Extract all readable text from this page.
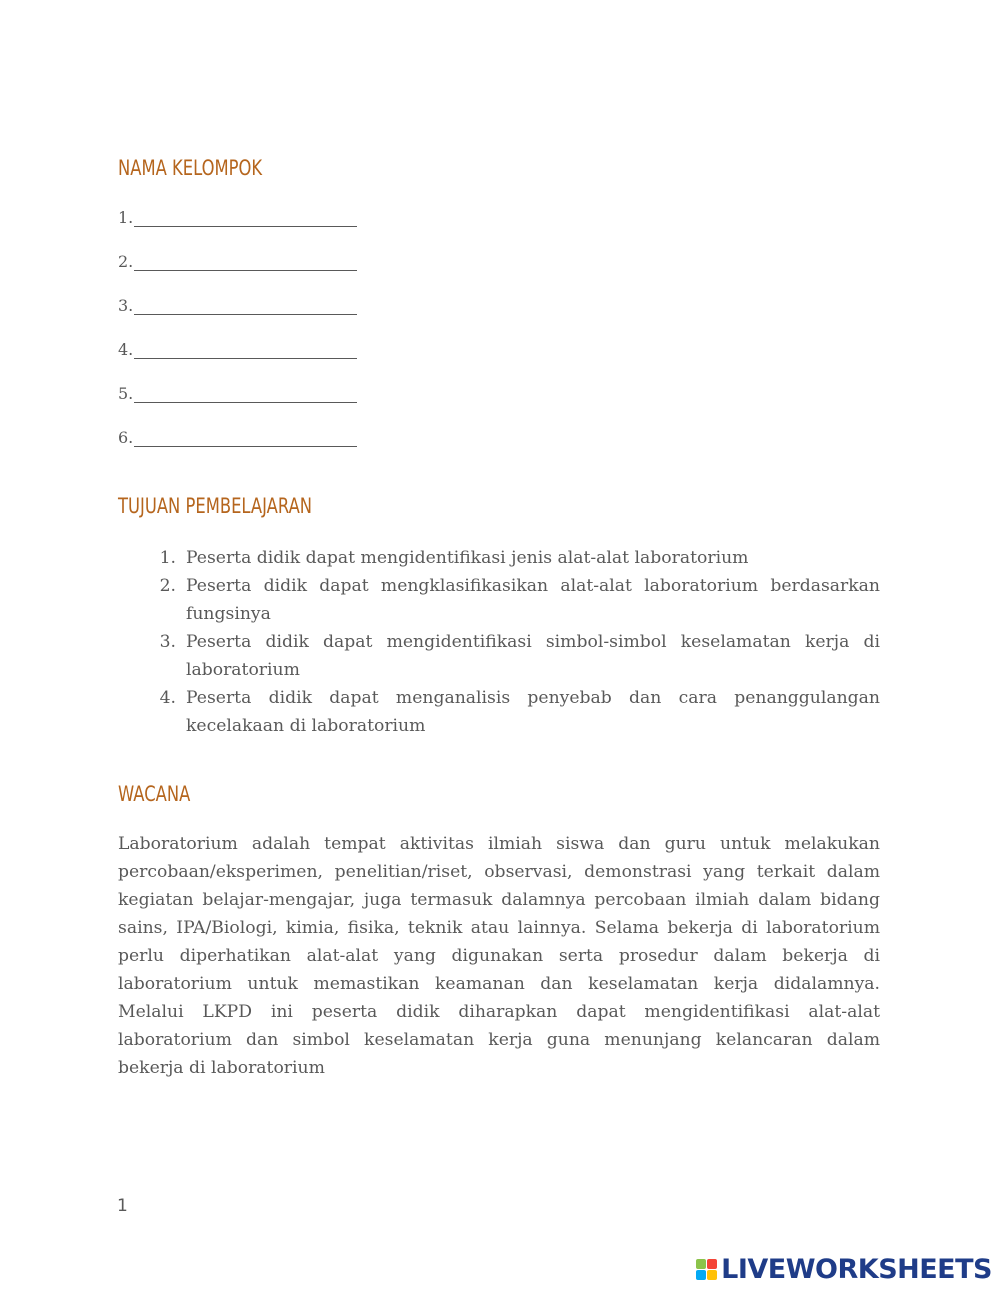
NAMA KELOMPOK
1.
2.
3.
4.
5.
6.
TUJUAN PEMBELAJARAN
1. Peserta didik dapat mengidentifikasi jenis alat-alat laboratorium
2. Peserta didik dapat mengklasifikasikan alat-alat laboratorium berdasarkan fungsinya
3. Peserta didik dapat mengidentifikasi simbol-simbol keselamatan kerja di laboratorium
4. Peserta didik dapat menganalisis penyebab dan cara penanggulangan kecelakaan di laboratorium
WACANA

Laboratorium adalah tempat aktivitas ilmiah siswa dan guru untuk melakukan percobaan/eksperimen, penelitian/riset, observasi, demonstrasi yang terkait dalam kegiatan belajar-mengajar, juga termasuk dalamnya percobaan ilmiah dalam bidang sains, IPA/Biologi, kimia, fisika, teknik atau lainnya. Selama bekerja di laboratorium perlu diperhatikan alat-alat yang digunakan serta prosedur dalam bekerja di laboratorium untuk memastikan keamanan dan keselamatan kerja didalamnya. Melalui LKPD ini peserta didik diharapkan dapat mengidentifikasi alat-alat laboratorium dan simbol keselamatan kerja guna menunjang kelancaran dalam bekerja di laboratorium

1
LIVEWORKSHEETS
